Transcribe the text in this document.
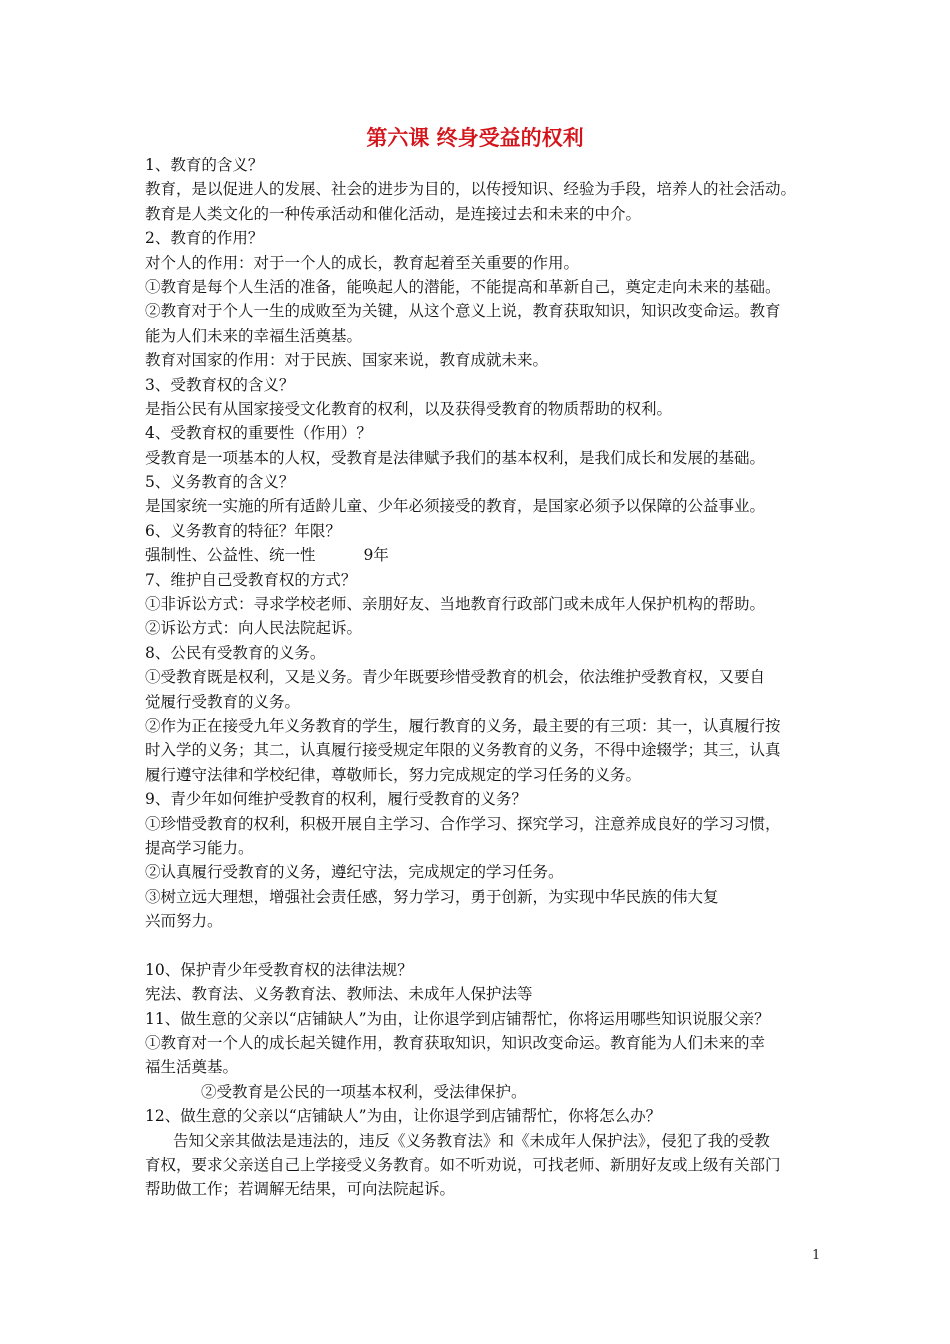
第六课 终身受益的权利

1、教育的含义？

教育，是以促进人的发展、社会的进步为目的，以传授知识、经验为手段，培养人的社会活动。

教育是人类文化的一种传承活动和催化活动，是连接过去和未来的中介。

2、教育的作用？

对个人的作用：对于一个人的成长，教育起着至关重要的作用。

①教育是每个人生活的准备，能唤起人的潜能，不能提高和革新自己，奠定走向未来的基础。

②教育对于个人一生的成败至为关键，从这个意义上说，教育获取知识，知识改变命运。教育

能为人们未来的幸福生活奠基。

教育对国家的作用：对于民族、国家来说，教育成就未来。

3、受教育权的含义？

是指公民有从国家接受文化教育的权利，以及获得受教育的物质帮助的权利。

4、受教育权的重要性（作用）？

受教育是一项基本的人权，受教育是法律赋予我们的基本权利，是我们成长和发展的基础。

5、义务教育的含义？

是国家统一实施的所有适龄儿童、少年必须接受的教育，是国家必须予以保障的公益事业。

6、义务教育的特征？年限？

强制性、公益性、统一性	9年

7、维护自己受教育权的方式？

①非诉讼方式：寻求学校老师、亲朋好友、当地教育行政部门或未成年人保护机构的帮助。

②诉讼方式：向人民法院起诉。

8、公民有受教育的义务。

①受教育既是权利，又是义务。青少年既要珍惜受教育的机会，依法维护受教育权，又要自

觉履行受教育的义务。

②作为正在接受九年义务教育的学生，履行教育的义务，最主要的有三项：其一，认真履行按

时入学的义务；其二，认真履行接受规定年限的义务教育的义务，不得中途辍学；其三，认真

履行遵守法律和学校纪律，尊敬师长，努力完成规定的学习任务的义务。

9、青少年如何维护受教育的权利，履行受教育的义务？

①珍惜受教育的权利，积极开展自主学习、合作学习、探究学习，注意养成良好的学习习惯，

提高学习能力。

②认真履行受教育的义务，遵纪守法，完成规定的学习任务。

③树立远大理想，增强社会责任感，努力学习，勇于创新，为实现中华民族的伟大复

兴而努力。

10、保护青少年受教育权的法律法规？

宪法、教育法、义务教育法、教师法、未成年人保护法等

11、做生意的父亲以“店铺缺人”为由，让你退学到店铺帮忙，你将运用哪些知识说服父亲？

①教育对一个人的成长起关键作用，教育获取知识，知识改变命运。教育能为人们未来的幸

福生活奠基。

②受教育是公民的一项基本权利，受法律保护。

12、做生意的父亲以“店铺缺人”为由，让你退学到店铺帮忙，你将怎么办？

告知父亲其做法是违法的，违反《义务教育法》和《未成年人保护法》，侵犯了我的受教

育权，要求父亲送自己上学接受义务教育。如不听劝说，可找老师、新朋好友或上级有关部门

帮助做工作；若调解无结果，可向法院起诉。

1
